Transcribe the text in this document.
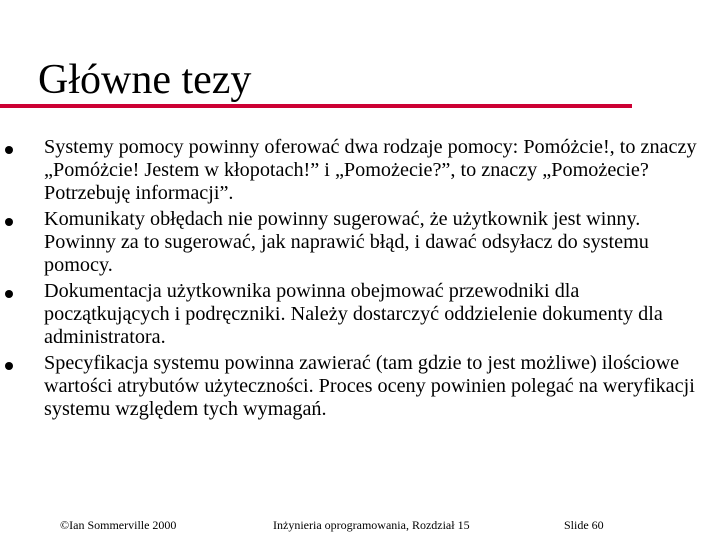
Główne tezy
Systemy pomocy powinny oferować dwa rodzaje pomocy: Pomóżcie!, to znaczy „Pomóżcie! Jestem w kłopotach!” i „Pomożecie?”, to znaczy „Pomożecie? Potrzebuję informacji”.
Komunikaty obłędach nie powinny sugerować, że użytkownik jest winny. Powinny za to sugerować, jak naprawić błąd, i dawać odsyłacz do systemu pomocy.
Dokumentacja użytkownika powinna obejmować przewodniki dla początkujących i podręczniki. Należy dostarczyć oddzielenie dokumenty dla administratora.
Specyfikacja systemu powinna zawierać (tam gdzie to jest możliwe) ilościowe wartości atrybutów użyteczności. Proces oceny powinien polegać na weryfikacji systemu względem tych wymagań.
©Ian Sommerville 2000	Inżynieria oprogramowania, Rozdział 15	Slide 60
